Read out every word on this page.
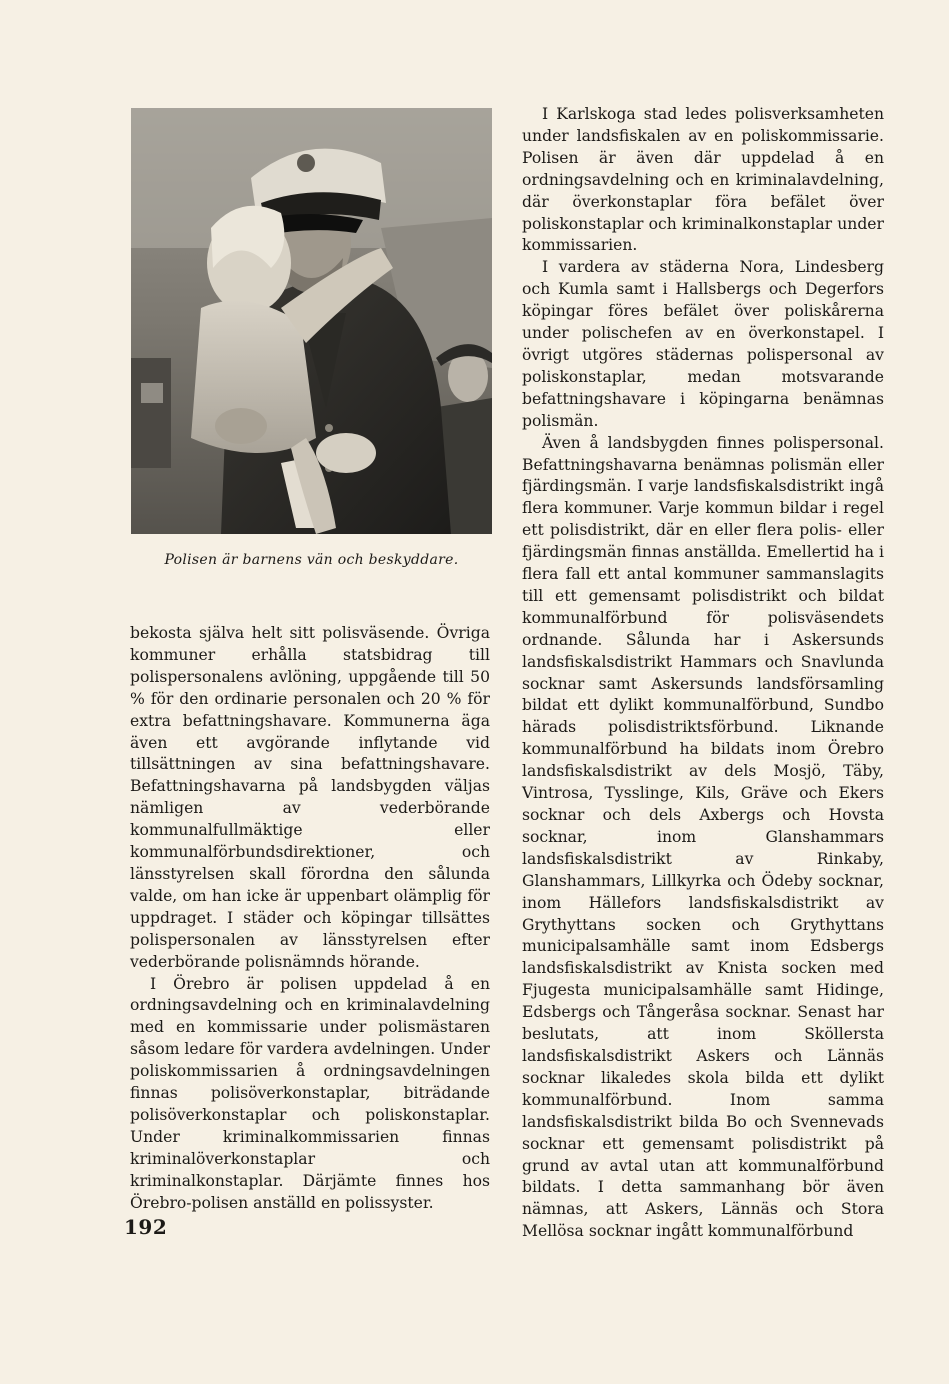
Polisen är barnens vän och beskyddare.

bekosta själva helt sitt polisväsende. Övriga kommuner erhålla statsbidrag till polispersonalens avlöning, uppgående till 50 % för den ordinarie personalen och 20 % för extra befattningshavare. Kommunerna äga även ett avgörande inflytande vid tillsättningen av sina befattningshavare. Befattningshavarna på landsbygden väljas nämligen av vederbörande kommunalfullmäktige eller kommunalförbundsdirektioner, och länsstyrelsen skall förordna den sålunda valde, om han icke är uppenbart olämplig för uppdraget. I städer och köpingar tillsättes polispersonalen av länsstyrelsen efter vederbörande polisnämnds hörande.

I Örebro är polisen uppdelad å en ordningsavdelning och en kriminalavdelning med en kommissarie under polismästaren såsom ledare för vardera avdelningen. Under poliskommissarien å ordningsavdelningen finnas polisöverkonstaplar, biträdande polisöverkonstaplar och poliskonstaplar. Under kriminalkommissarien finnas kriminalöverkonstaplar och kriminalkonstaplar. Därjämte finnes hos Örebro-polisen anställd en polissyster.

I Karlskoga stad ledes polisverksamheten under landsfiskalen av en poliskommissarie. Polisen är även där uppdelad å en ordningsavdelning och en kriminalavdelning, där överkonstaplar föra befälet över poliskonstaplar och kriminalkonstaplar under kommissarien.

I vardera av städerna Nora, Lindesberg och Kumla samt i Hallsbergs och Degerfors köpingar föres befälet över poliskårerna under polischefen av en överkonstapel. I övrigt utgöres städernas polispersonal av poliskonstaplar, medan motsvarande befattningshavare i köpingarna benämnas polismän.

Även å landsbygden finnes polispersonal. Befattningshavarna benämnas polismän eller fjärdingsmän. I varje landsfiskalsdistrikt ingå flera kommuner. Varje kommun bildar i regel ett polisdistrikt, där en eller flera polis- eller fjärdingsmän finnas anställda. Emellertid ha i flera fall ett antal kommuner sammanslagits till ett gemensamt polisdistrikt och bildat kommunalförbund för polisväsendets ordnande. Sålunda har i Askersunds landsfiskalsdistrikt Hammars och Snavlunda socknar samt Askersunds landsförsamling bildat ett dylikt kommunalförbund, Sundbo härads polisdistriktsförbund. Liknande kommunalförbund ha bildats inom Örebro landsfiskalsdistrikt av dels Mosjö, Täby, Vintrosa, Tysslinge, Kils, Gräve och Ekers socknar och dels Axbergs och Hovsta socknar, inom Glanshammars landsfiskalsdistrikt av Rinkaby, Glanshammars, Lillkyrka och Ödeby socknar, inom Hällefors landsfiskalsdistrikt av Grythyttans socken och Grythyttans municipalsamhälle samt inom Edsbergs landsfiskalsdistrikt av Knista socken med Fjugesta municipalsamhälle samt Hidinge, Edsbergs och Tångeråsa socknar. Senast har beslutats, att inom Sköllersta landsfiskalsdistrikt Askers och Lännäs socknar likaledes skola bilda ett dylikt kommunalförbund. Inom samma landsfiskalsdistrikt bilda Bo och Svennevads socknar ett gemensamt polisdistrikt på grund av avtal utan att kommunalförbund bildats. I detta sammanhang bör även nämnas, att Askers, Lännäs och Stora Mellösa socknar ingått kommunalförbund

192
